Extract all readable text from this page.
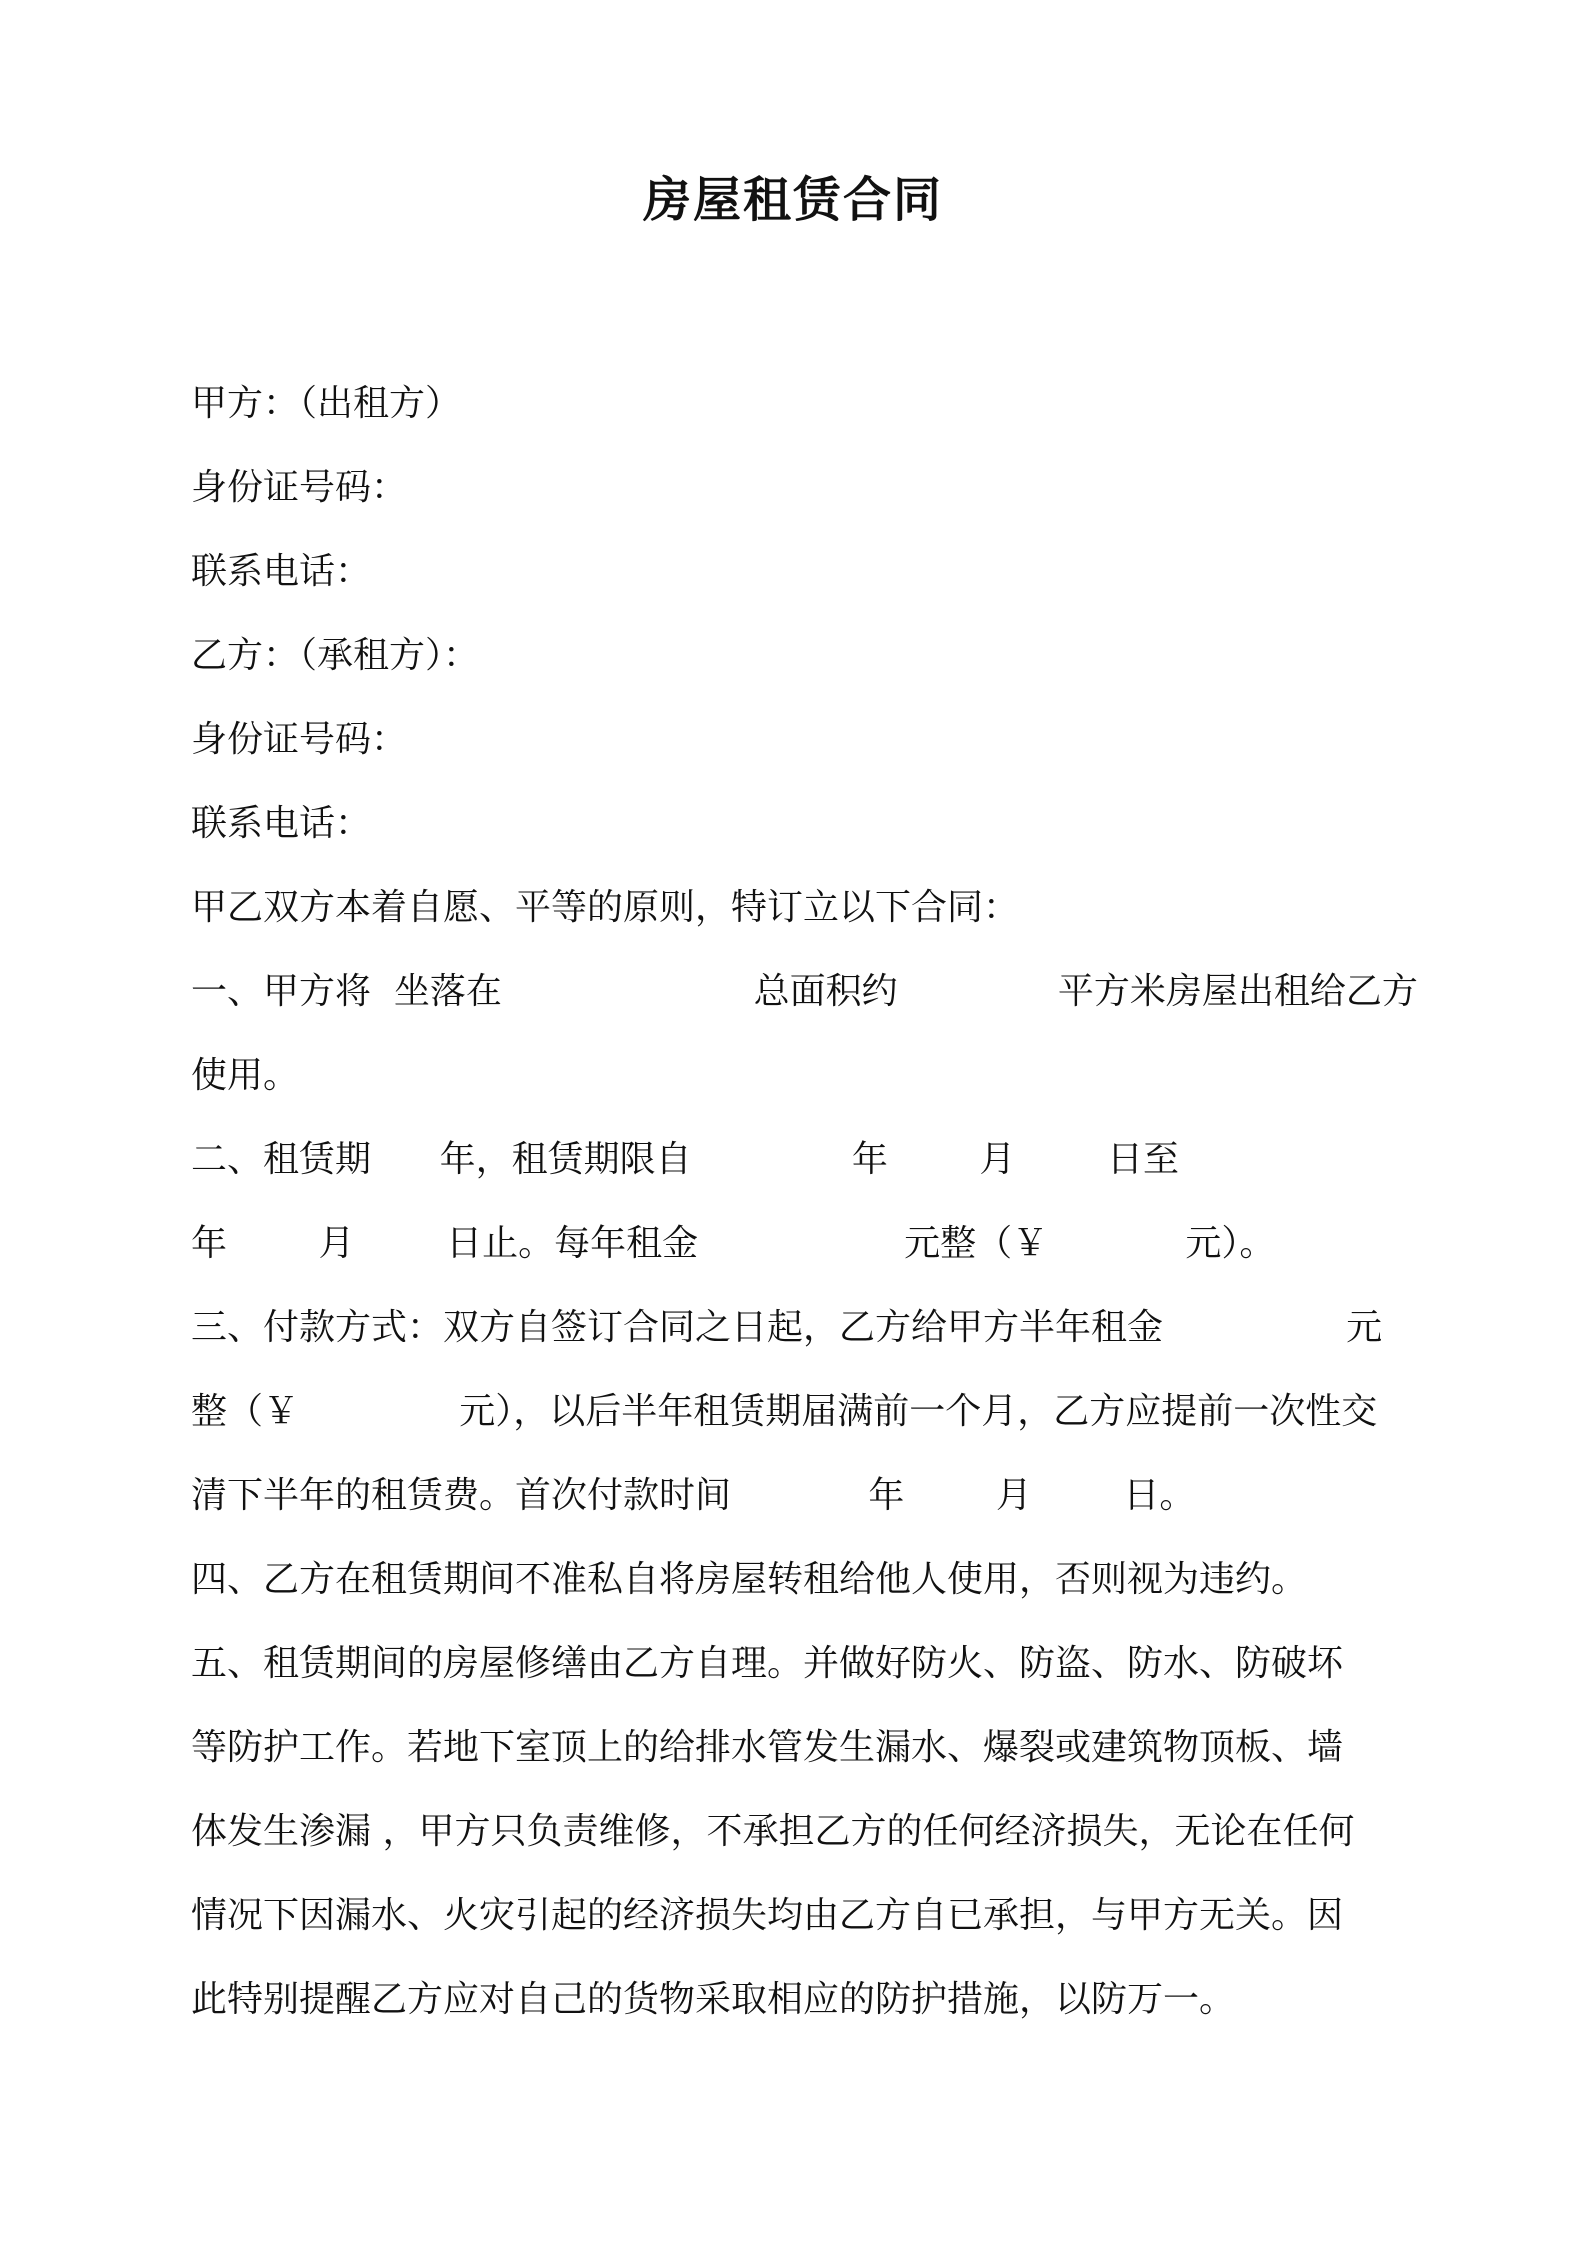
房屋租赁合同
甲方：（出租方）
身份证号码：
联系电话：
乙方：（承租方）：
身份证号码：
联系电话：
甲乙双方本着自愿、平等的原则，特订立以下合同：
一、甲方将  坐落在                      总面积约              平方米房屋出租给乙方
使用。
二、租赁期      年，租赁期限自              年        月        日至
年        月        日止。每年租金                  元整（￥            元）。
三、付款方式：双方自签订合同之日起，乙方给甲方半年租金                元
整（￥              元），以后半年租赁期届满前一个月，乙方应提前一次性交
清下半年的租赁费。首次付款时间            年        月        日。
四、乙方在租赁期间不准私自将房屋转租给他人使用，否则视为违约。
五、租赁期间的房屋修缮由乙方自理。并做好防火、防盗、防水、防破坏
等防护工作。若地下室顶上的给排水管发生漏水、爆裂或建筑物顶板、墙
体发生渗漏 ，甲方只负责维修，不承担乙方的任何经济损失，无论在任何
情况下因漏水、火灾引起的经济损失均由乙方自已承担，与甲方无关。因
此特别提醒乙方应对自己的货物采取相应的防护措施，以防万一。
